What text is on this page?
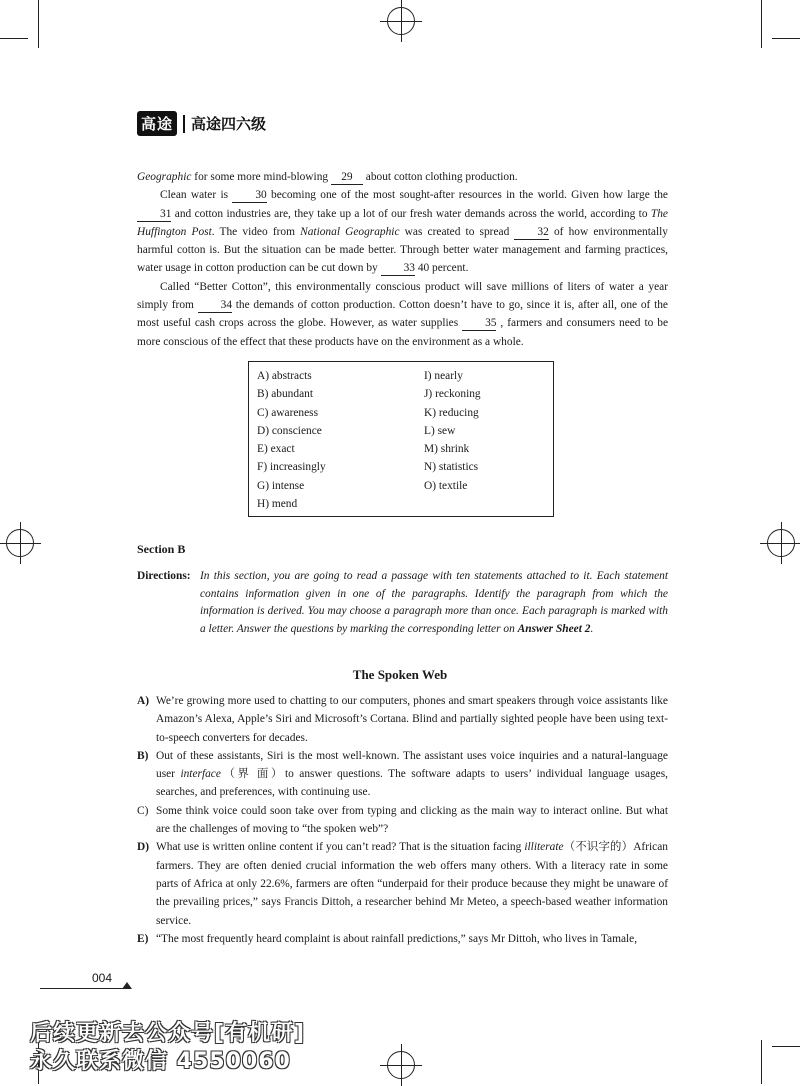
高途 高途四六级

Geographic for some more mind-blowing 29 about cotton clothing production.

Clean water is 30 becoming one of the most sought-after resources in the world. Given how large the 31 and cotton industries are, they take up a lot of our fresh water demands across the world, according to The Huffington Post. The video from National Geographic was created to spread 32 of how environmentally harmful cotton is. But the situation can be made better. Through better water management and farming practices, water usage in cotton production can be cut down by 33 40 percent.

Called “Better Cotton”, this environmentally conscious product will save millions of liters of water a year simply from 34 the demands of cotton production. Cotton doesn’t have to go, since it is, after all, one of the most useful cash crops across the globe. However, as water supplies 35 , farmers and consumers need to be more conscious of the effect that these products have on the environment as a whole.

A) abstracts
B) abundant
C) awareness
D) conscience
E) exact
F) increasingly
G) intense
H) mend
I) nearly
J) reckoning
K) reducing
L) sew
M) shrink
N) statistics
O) textile
Section B
Directions: In this section, you are going to read a passage with ten statements attached to it. Each statement contains information given in one of the paragraphs. Identify the paragraph from which the information is derived. You may choose a paragraph more than once. Each paragraph is marked with a letter. Answer the questions by marking the corresponding letter on Answer Sheet 2.
The Spoken Web
A) We’re growing more used to chatting to our computers, phones and smart speakers through voice assistants like Amazon’s Alexa, Apple’s Siri and Microsoft’s Cortana. Blind and partially sighted people have been using text-to-speech converters for decades.
B) Out of these assistants, Siri is the most well-known. The assistant uses voice inquiries and a natural-language user interface（界 面）to answer questions. The software adapts to users’ individual language usages, searches, and preferences, with continuing use.
C) Some think voice could soon take over from typing and clicking as the main way to interact online. But what are the challenges of moving to “the spoken web”?
D) What use is written online content if you can’t read? That is the situation facing illiterate（不识字的）African farmers. They are often denied crucial information the web offers many others. With a literacy rate in some parts of Africa at only 22.6%, farmers are often “underpaid for their produce because they might be unaware of the prevailing prices,” says Francis Dittoh, a researcher behind Mr Meteo, a speech-based weather information service.
E) “The most frequently heard complaint is about rainfall predictions,” says Mr Dittoh, who lives in Tamale,
004
后续更新去公众号[有机研]
永久联系微信 4550060
